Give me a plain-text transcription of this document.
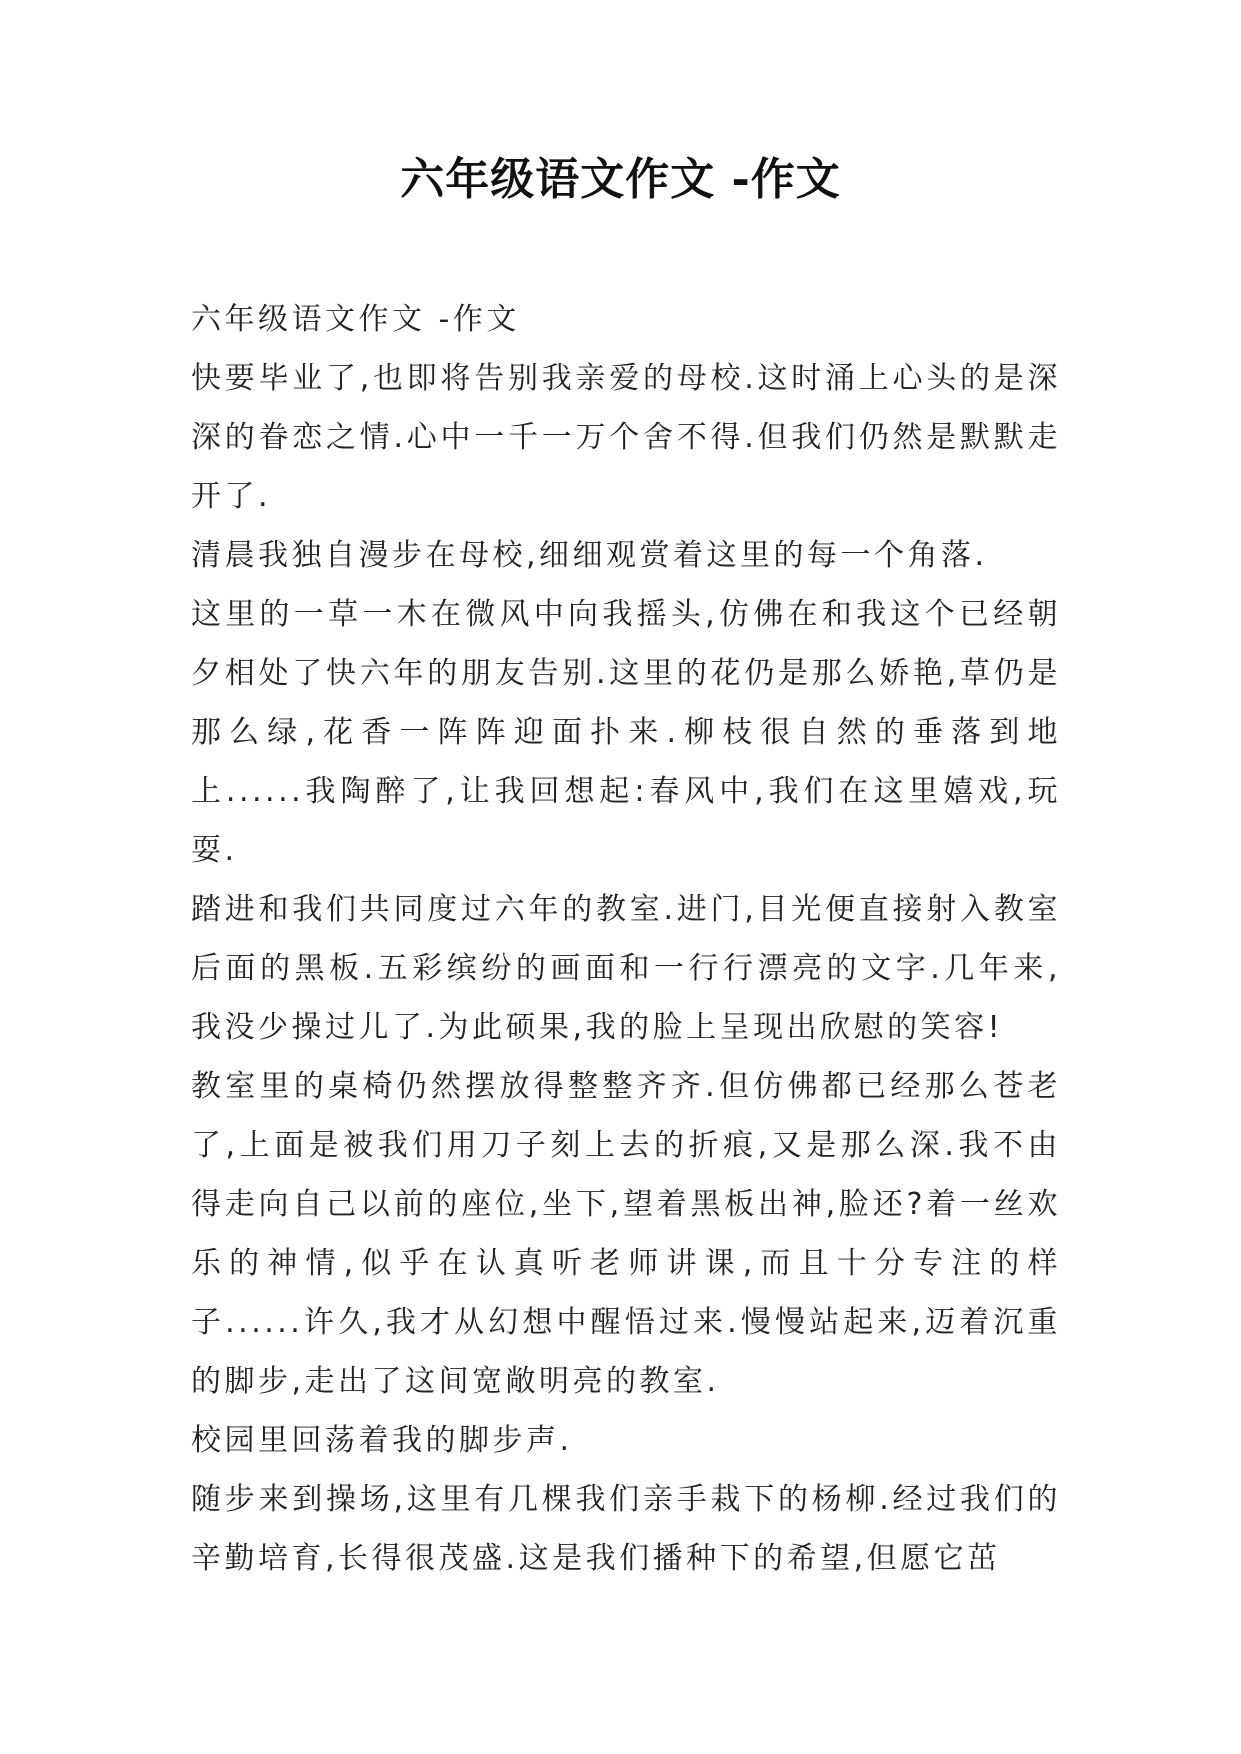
六年级语文作文 -作文

六年级语文作文 -作文

快要毕业了,也即将告别我亲爱的母校.这时涌上心头的是深深的眷恋之情.心中一千一万个舍不得.但我们仍然是默默走开了.

清晨我独自漫步在母校,细细观赏着这里的每一个角落.

这里的一草一木在微风中向我摇头,仿佛在和我这个已经朝夕相处了快六年的朋友告别.这里的花仍是那么娇艳,草仍是那么绿,花香一阵阵迎面扑来.柳枝很自然的垂落到地上......我陶醉了,让我回想起:春风中,我们在这里嬉戏,玩耍.

踏进和我们共同度过六年的教室.进门,目光便直接射入教室后面的黑板.五彩缤纷的画面和一行行漂亮的文字.几年来,我没少操过儿了.为此硕果,我的脸上呈现出欣慰的笑容!

教室里的桌椅仍然摆放得整整齐齐.但仿佛都已经那么苍老了,上面是被我们用刀子刻上去的折痕,又是那么深.我不由得走向自己以前的座位,坐下,望着黑板出神,脸还?着一丝欢乐的神情,似乎在认真听老师讲课,而且十分专注的样子......许久,我才从幻想中醒悟过来.慢慢站起来,迈着沉重的脚步,走出了这间宽敞明亮的教室.

校园里回荡着我的脚步声.

随步来到操场,这里有几棵我们亲手栽下的杨柳.经过我们的辛勤培育,长得很茂盛.这是我们播种下的希望,但愿它茁
